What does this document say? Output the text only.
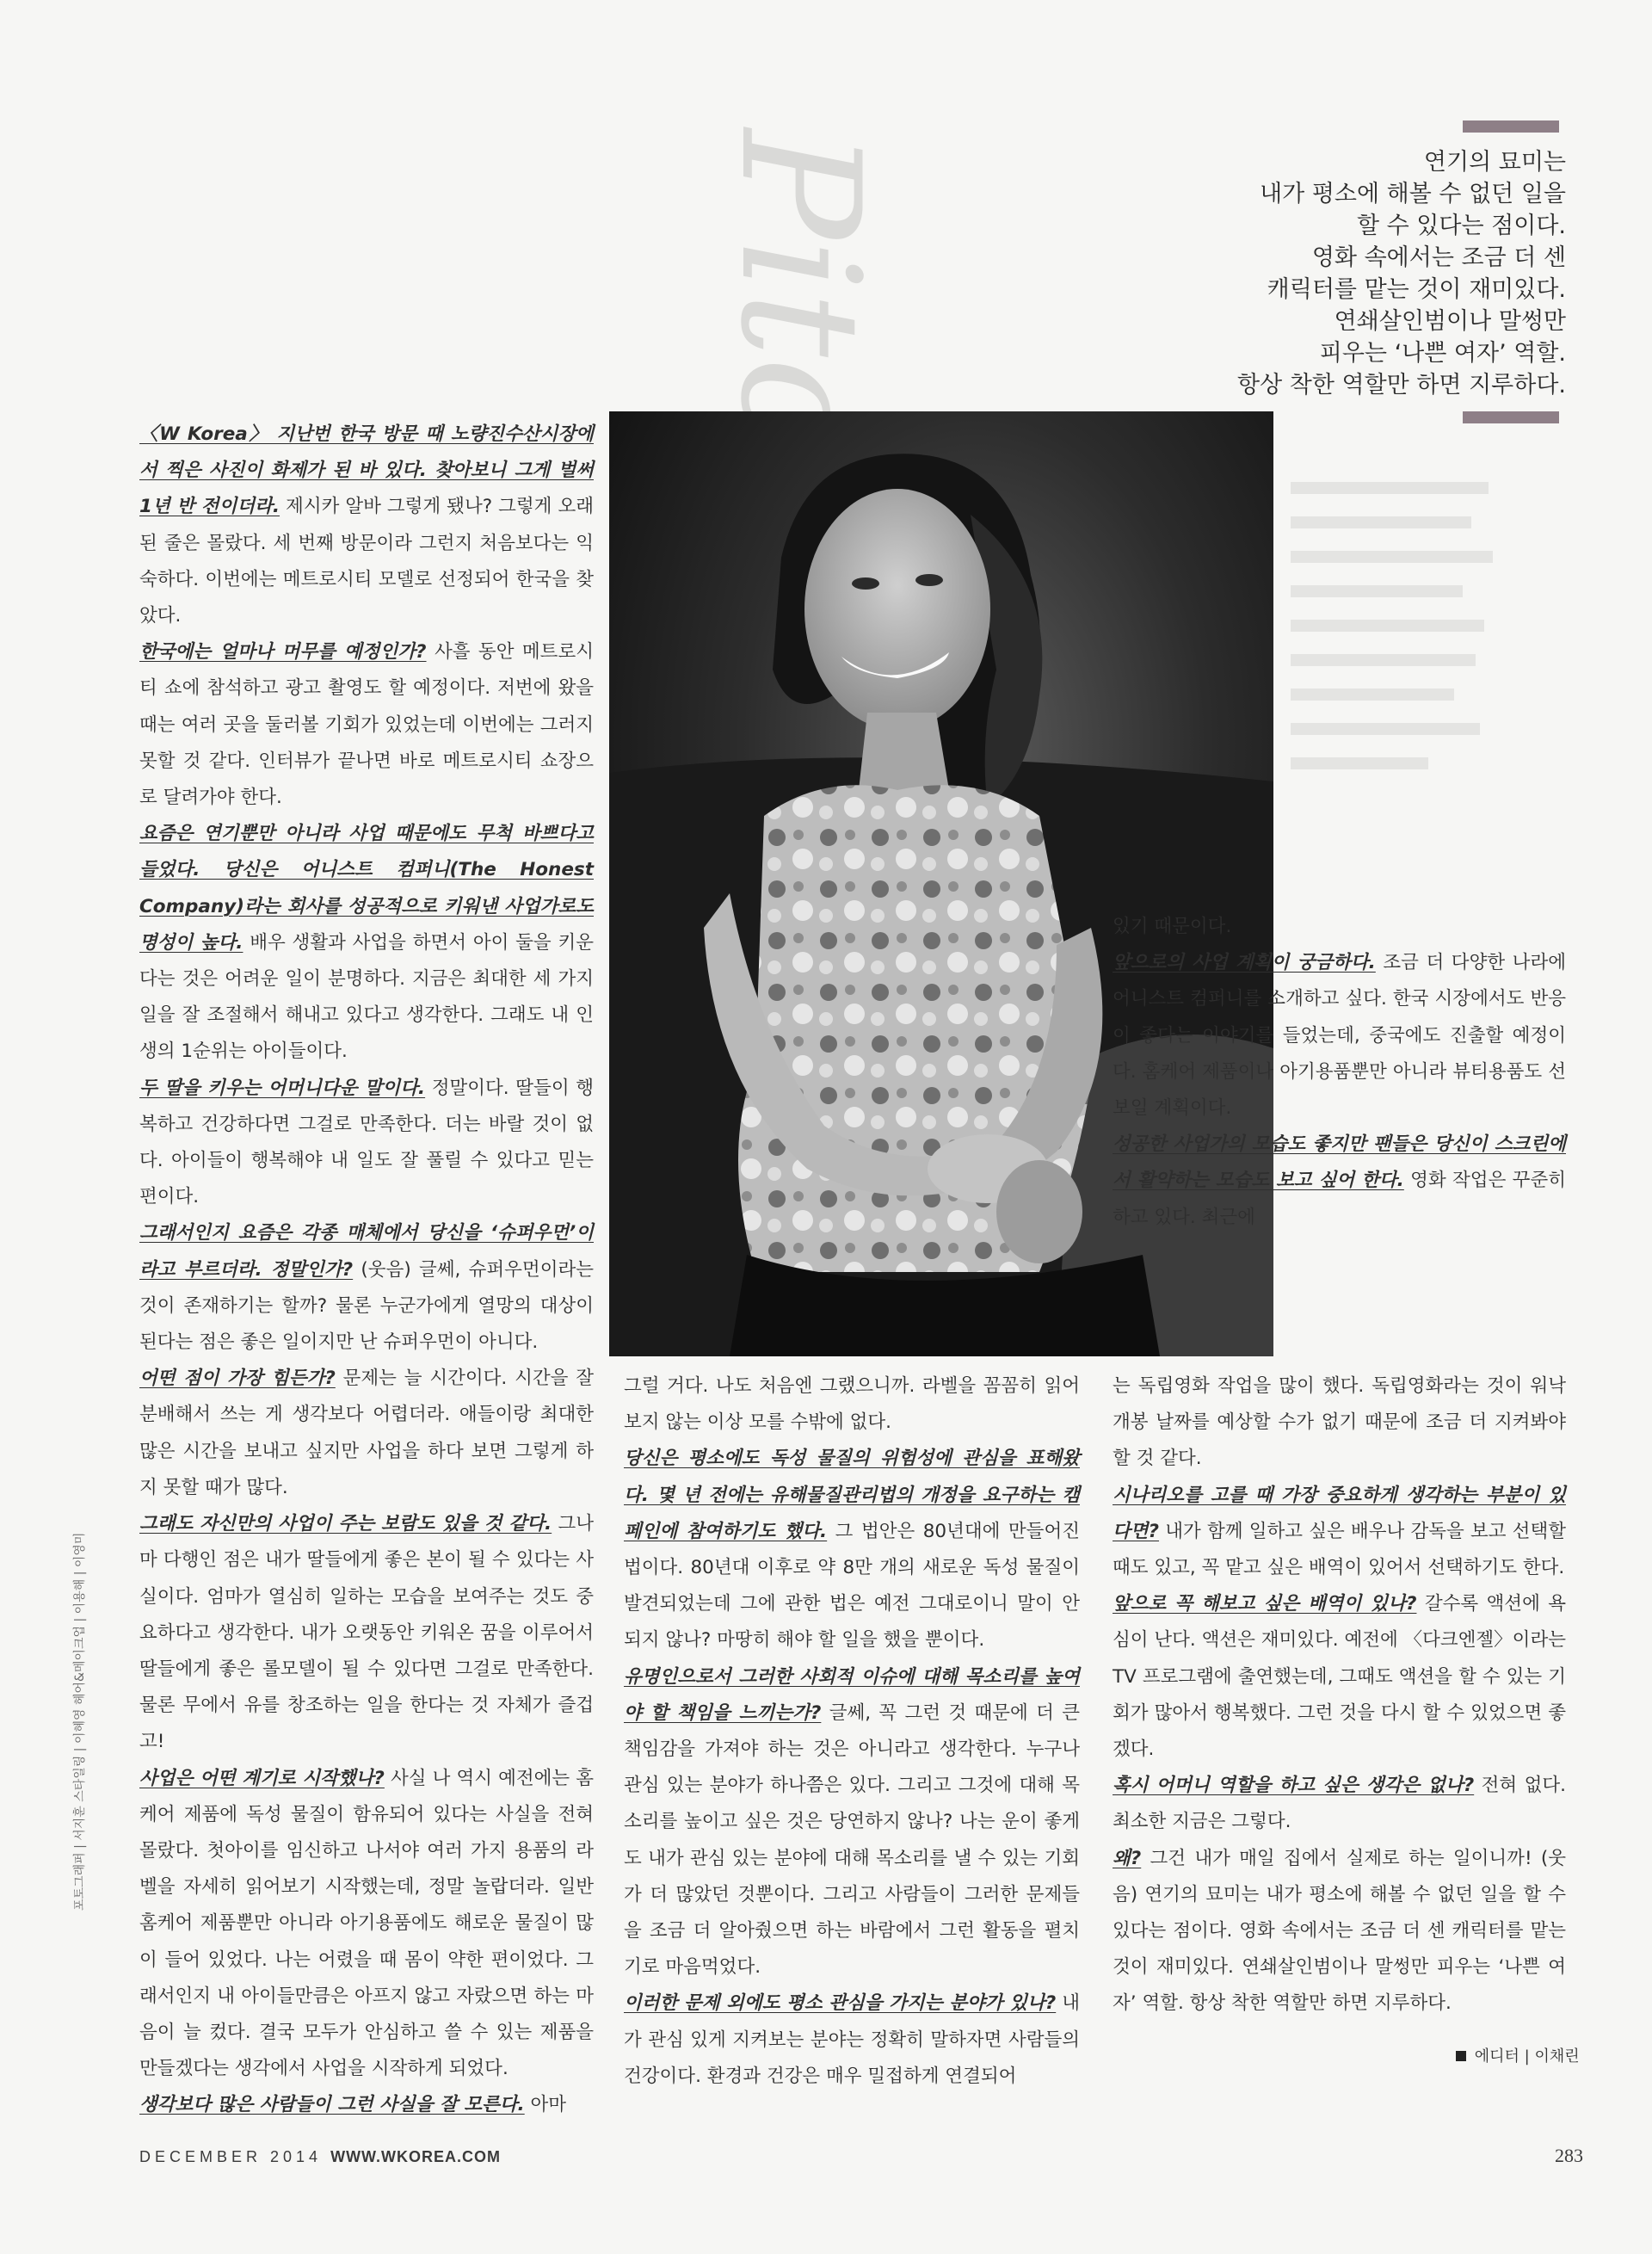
연기의 묘미는
내가 평소에 해볼 수 없던 일을
할 수 있다는 점이다.
영화 속에서는 조금 더 센
캐릭터를 맡는 것이 재미있다.
연쇄살인범이나 말썽만
피우는 ‘나쁜 여자’ 역할.
항상 착한 역할만 하면 지루하다.

〈W Korea〉 지난번 한국 방문 때 노량진수산시장에서 찍은 사진이 화제가 된 바 있다. 찾아보니 그게 벌써 1년 반 전이더라. 제시카 알바 그렇게 됐나? 그렇게 오래된 줄은 몰랐다. 세 번째 방문이라 그런지 처음보다는 익숙하다. 이번에는 메트로시티 모델로 선정되어 한국을 찾았다.

한국에는 얼마나 머무를 예정인가? 사흘 동안 메트로시티 쇼에 참석하고 광고 촬영도 할 예정이다. 저번에 왔을 때는 여러 곳을 둘러볼 기회가 있었는데 이번에는 그러지 못할 것 같다. 인터뷰가 끝나면 바로 메트로시티 쇼장으로 달려가야 한다.

요즘은 연기뿐만 아니라 사업 때문에도 무척 바쁘다고 들었다. 당신은 어니스트 컴퍼니(The Honest Company)라는 회사를 성공적으로 키워낸 사업가로도 명성이 높다. 배우 생활과 사업을 하면서 아이 둘을 키운다는 것은 어려운 일이 분명하다. 지금은 최대한 세 가지 일을 잘 조절해서 해내고 있다고 생각한다. 그래도 내 인생의 1순위는 아이들이다.

두 딸을 키우는 어머니다운 말이다. 정말이다. 딸들이 행복하고 건강하다면 그걸로 만족한다. 더는 바랄 것이 없다. 아이들이 행복해야 내 일도 잘 풀릴 수 있다고 믿는 편이다.

그래서인지 요즘은 각종 매체에서 당신을 ‘슈퍼우먼’이라고 부르더라. 정말인가? (웃음) 글쎄, 슈퍼우먼이라는 것이 존재하기는 할까? 물론 누군가에게 열망의 대상이 된다는 점은 좋은 일이지만 난 슈퍼우먼이 아니다.

어떤 점이 가장 힘든가? 문제는 늘 시간이다. 시간을 잘 분배해서 쓰는 게 생각보다 어렵더라. 애들이랑 최대한 많은 시간을 보내고 싶지만 사업을 하다 보면 그렇게 하지 못할 때가 많다.

그래도 자신만의 사업이 주는 보람도 있을 것 같다. 그나마 다행인 점은 내가 딸들에게 좋은 본이 될 수 있다는 사실이다. 엄마가 열심히 일하는 모습을 보여주는 것도 중요하다고 생각한다. 내가 오랫동안 키워온 꿈을 이루어서 딸들에게 좋은 롤모델이 될 수 있다면 그걸로 만족한다. 물론 무에서 유를 창조하는 일을 한다는 것 자체가 즐겁고!

사업은 어떤 계기로 시작했나? 사실 나 역시 예전에는 홈케어 제품에 독성 물질이 함유되어 있다는 사실을 전혀 몰랐다. 첫아이를 임신하고 나서야 여러 가지 용품의 라벨을 자세히 읽어보기 시작했는데, 정말 놀랍더라. 일반 홈케어 제품뿐만 아니라 아기용품에도 해로운 물질이 많이 들어 있었다. 나는 어렸을 때 몸이 약한 편이었다. 그래서인지 내 아이들만큼은 아프지 않고 자랐으면 하는 마음이 늘 컸다. 결국 모두가 안심하고 쓸 수 있는 제품을 만들겠다는 생각에서 사업을 시작하게 되었다.

생각보다 많은 사람들이 그런 사실을 잘 모른다. 아마

그럴 거다. 나도 처음엔 그랬으니까. 라벨을 꼼꼼히 읽어보지 않는 이상 모를 수밖에 없다.

당신은 평소에도 독성 물질의 위험성에 관심을 표해왔다. 몇 년 전에는 유해물질관리법의 개정을 요구하는 캠페인에 참여하기도 했다. 그 법안은 80년대에 만들어진 법이다. 80년대 이후로 약 8만 개의 새로운 독성 물질이 발견되었는데 그에 관한 법은 예전 그대로이니 말이 안 되지 않나? 마땅히 해야 할 일을 했을 뿐이다.

유명인으로서 그러한 사회적 이슈에 대해 목소리를 높여야 할 책임을 느끼는가? 글쎄, 꼭 그런 것 때문에 더 큰 책임감을 가져야 하는 것은 아니라고 생각한다. 누구나 관심 있는 분야가 하나쯤은 있다. 그리고 그것에 대해 목소리를 높이고 싶은 것은 당연하지 않나? 나는 운이 좋게도 내가 관심 있는 분야에 대해 목소리를 낼 수 있는 기회가 더 많았던 것뿐이다. 그리고 사람들이 그러한 문제들을 조금 더 알아줬으면 하는 바람에서 그런 활동을 펼치기로 마음먹었다.

이러한 문제 외에도 평소 관심을 가지는 분야가 있나? 내가 관심 있게 지켜보는 분야는 정확히 말하자면 사람들의 건강이다. 환경과 건강은 매우 밀접하게 연결되어

있기 때문이다.

앞으로의 사업 계획이 궁금하다. 조금 더 다양한 나라에 어니스트 컴퍼니를 소개하고 싶다. 한국 시장에서도 반응이 좋다는 이야기를 들었는데, 중국에도 진출할 예정이다. 홈케어 제품이나 아기용품뿐만 아니라 뷰티용품도 선보일 계획이다.

성공한 사업가의 모습도 좋지만 팬들은 당신이 스크린에서 활약하는 모습도 보고 싶어 한다. 영화 작업은 꾸준히 하고 있다. 최근에

는 독립영화 작업을 많이 했다. 독립영화라는 것이 워낙 개봉 날짜를 예상할 수가 없기 때문에 조금 더 지켜봐야 할 것 같다.

시나리오를 고를 때 가장 중요하게 생각하는 부분이 있다면? 내가 함께 일하고 싶은 배우나 감독을 보고 선택할 때도 있고, 꼭 맡고 싶은 배역이 있어서 선택하기도 한다.

앞으로 꼭 해보고 싶은 배역이 있나? 갈수록 액션에 욕심이 난다. 액션은 재미있다. 예전에 〈다크엔젤〉이라는 TV 프로그램에 출연했는데, 그때도 액션을 할 수 있는 기회가 많아서 행복했다. 그런 것을 다시 할 수 있었으면 좋겠다.

혹시 어머니 역할을 하고 싶은 생각은 없나? 전혀 없다. 최소한 지금은 그렇다.

왜? 그건 내가 매일 집에서 실제로 하는 일이니까! (웃음) 연기의 묘미는 내가 평소에 해볼 수 없던 일을 할 수 있다는 점이다. 영화 속에서는 조금 더 센 캐릭터를 맡는 것이 재미있다. 연쇄살인범이나 말썽만 피우는 ‘나쁜 여자’ 역할. 항상 착한 역할만 하면 지루하다.

에디터 | 이채린
포토그래퍼 | 서지훈 스타일링 | 이혜영 헤어&메이크업 | 이용해 | 이영미
DECEMBER 2014 WWW.WKOREA.COM	283
